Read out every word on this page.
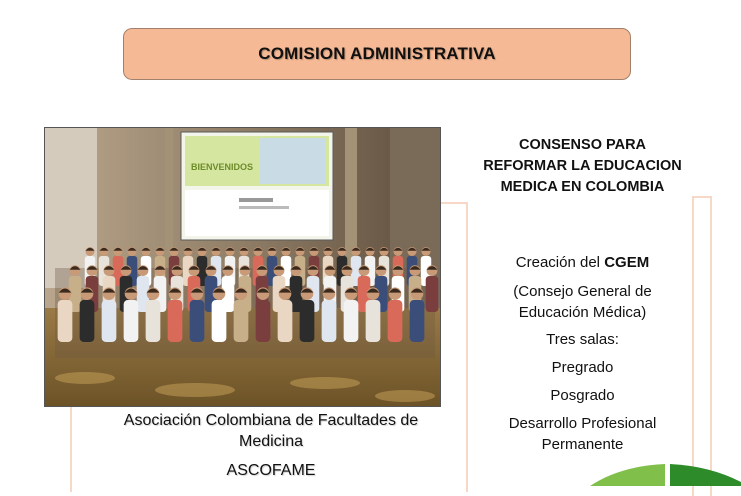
COMISION ADMINISTRATIVA
BIENVENIDOS
Asociación Colombiana de Facultades de Medicina
ASCOFAME
CONSENSO PARA REFORMAR LA EDUCACION MEDICA EN COLOMBIA
Creación del CGEM
(Consejo General de Educación Médica)
Tres salas:
Pregrado
Posgrado
Desarrollo Profesional Permanente
